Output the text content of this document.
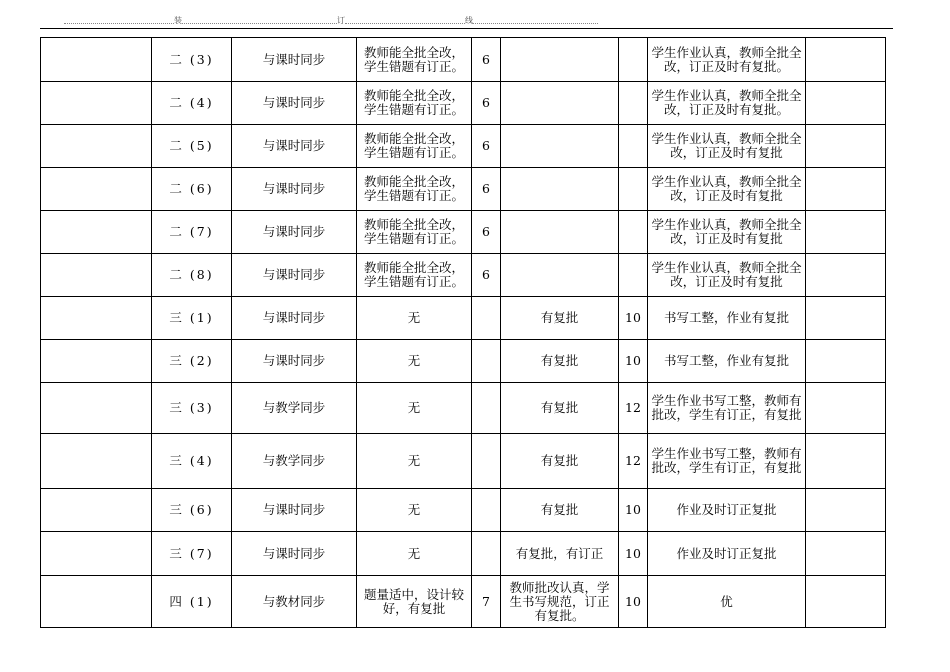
装	订	线
	二 (3)	与课时同步	教师能全批全改，学生错题有订正。	6			学生作业认真，教师全批全改，订正及时有复批。	
	二 (4)	与课时同步	教师能全批全改，学生错题有订正。	6			学生作业认真，教师全批全改，订正及时有复批。	
	二 (5)	与课时同步	教师能全批全改，学生错题有订正。	6			学生作业认真，教师全批全改，订正及时有复批	
	二 (6)	与课时同步	教师能全批全改，学生错题有订正。	6			学生作业认真，教师全批全改，订正及时有复批	
	二 (7)	与课时同步	教师能全批全改，学生错题有订正。	6			学生作业认真，教师全批全改，订正及时有复批	
	二 (8)	与课时同步	教师能全批全改，学生错题有订正。	6			学生作业认真，教师全批全改，订正及时有复批	
	三 (1)	与课时同步	无		有复批	10	书写工整，作业有复批	
	三 (2)	与课时同步	无		有复批	10	书写工整，作业有复批	
	三 (3)	与教学同步	无		有复批	12	学生作业书写工整，教师有批改，学生有订正，有复批	
	三 (4)	与教学同步	无		有复批	12	学生作业书写工整，教师有批改，学生有订正，有复批	
	三 (6)	与课时同步	无		有复批	10	作业及时订正复批	
	三 (7)	与课时同步	无		有复批，有订正	10	作业及时订正复批	
	四 (1)	与教材同步	题量适中，设计较好，有复批	7	教师批改认真，学生书写规范，订正有复批。	10	优	
